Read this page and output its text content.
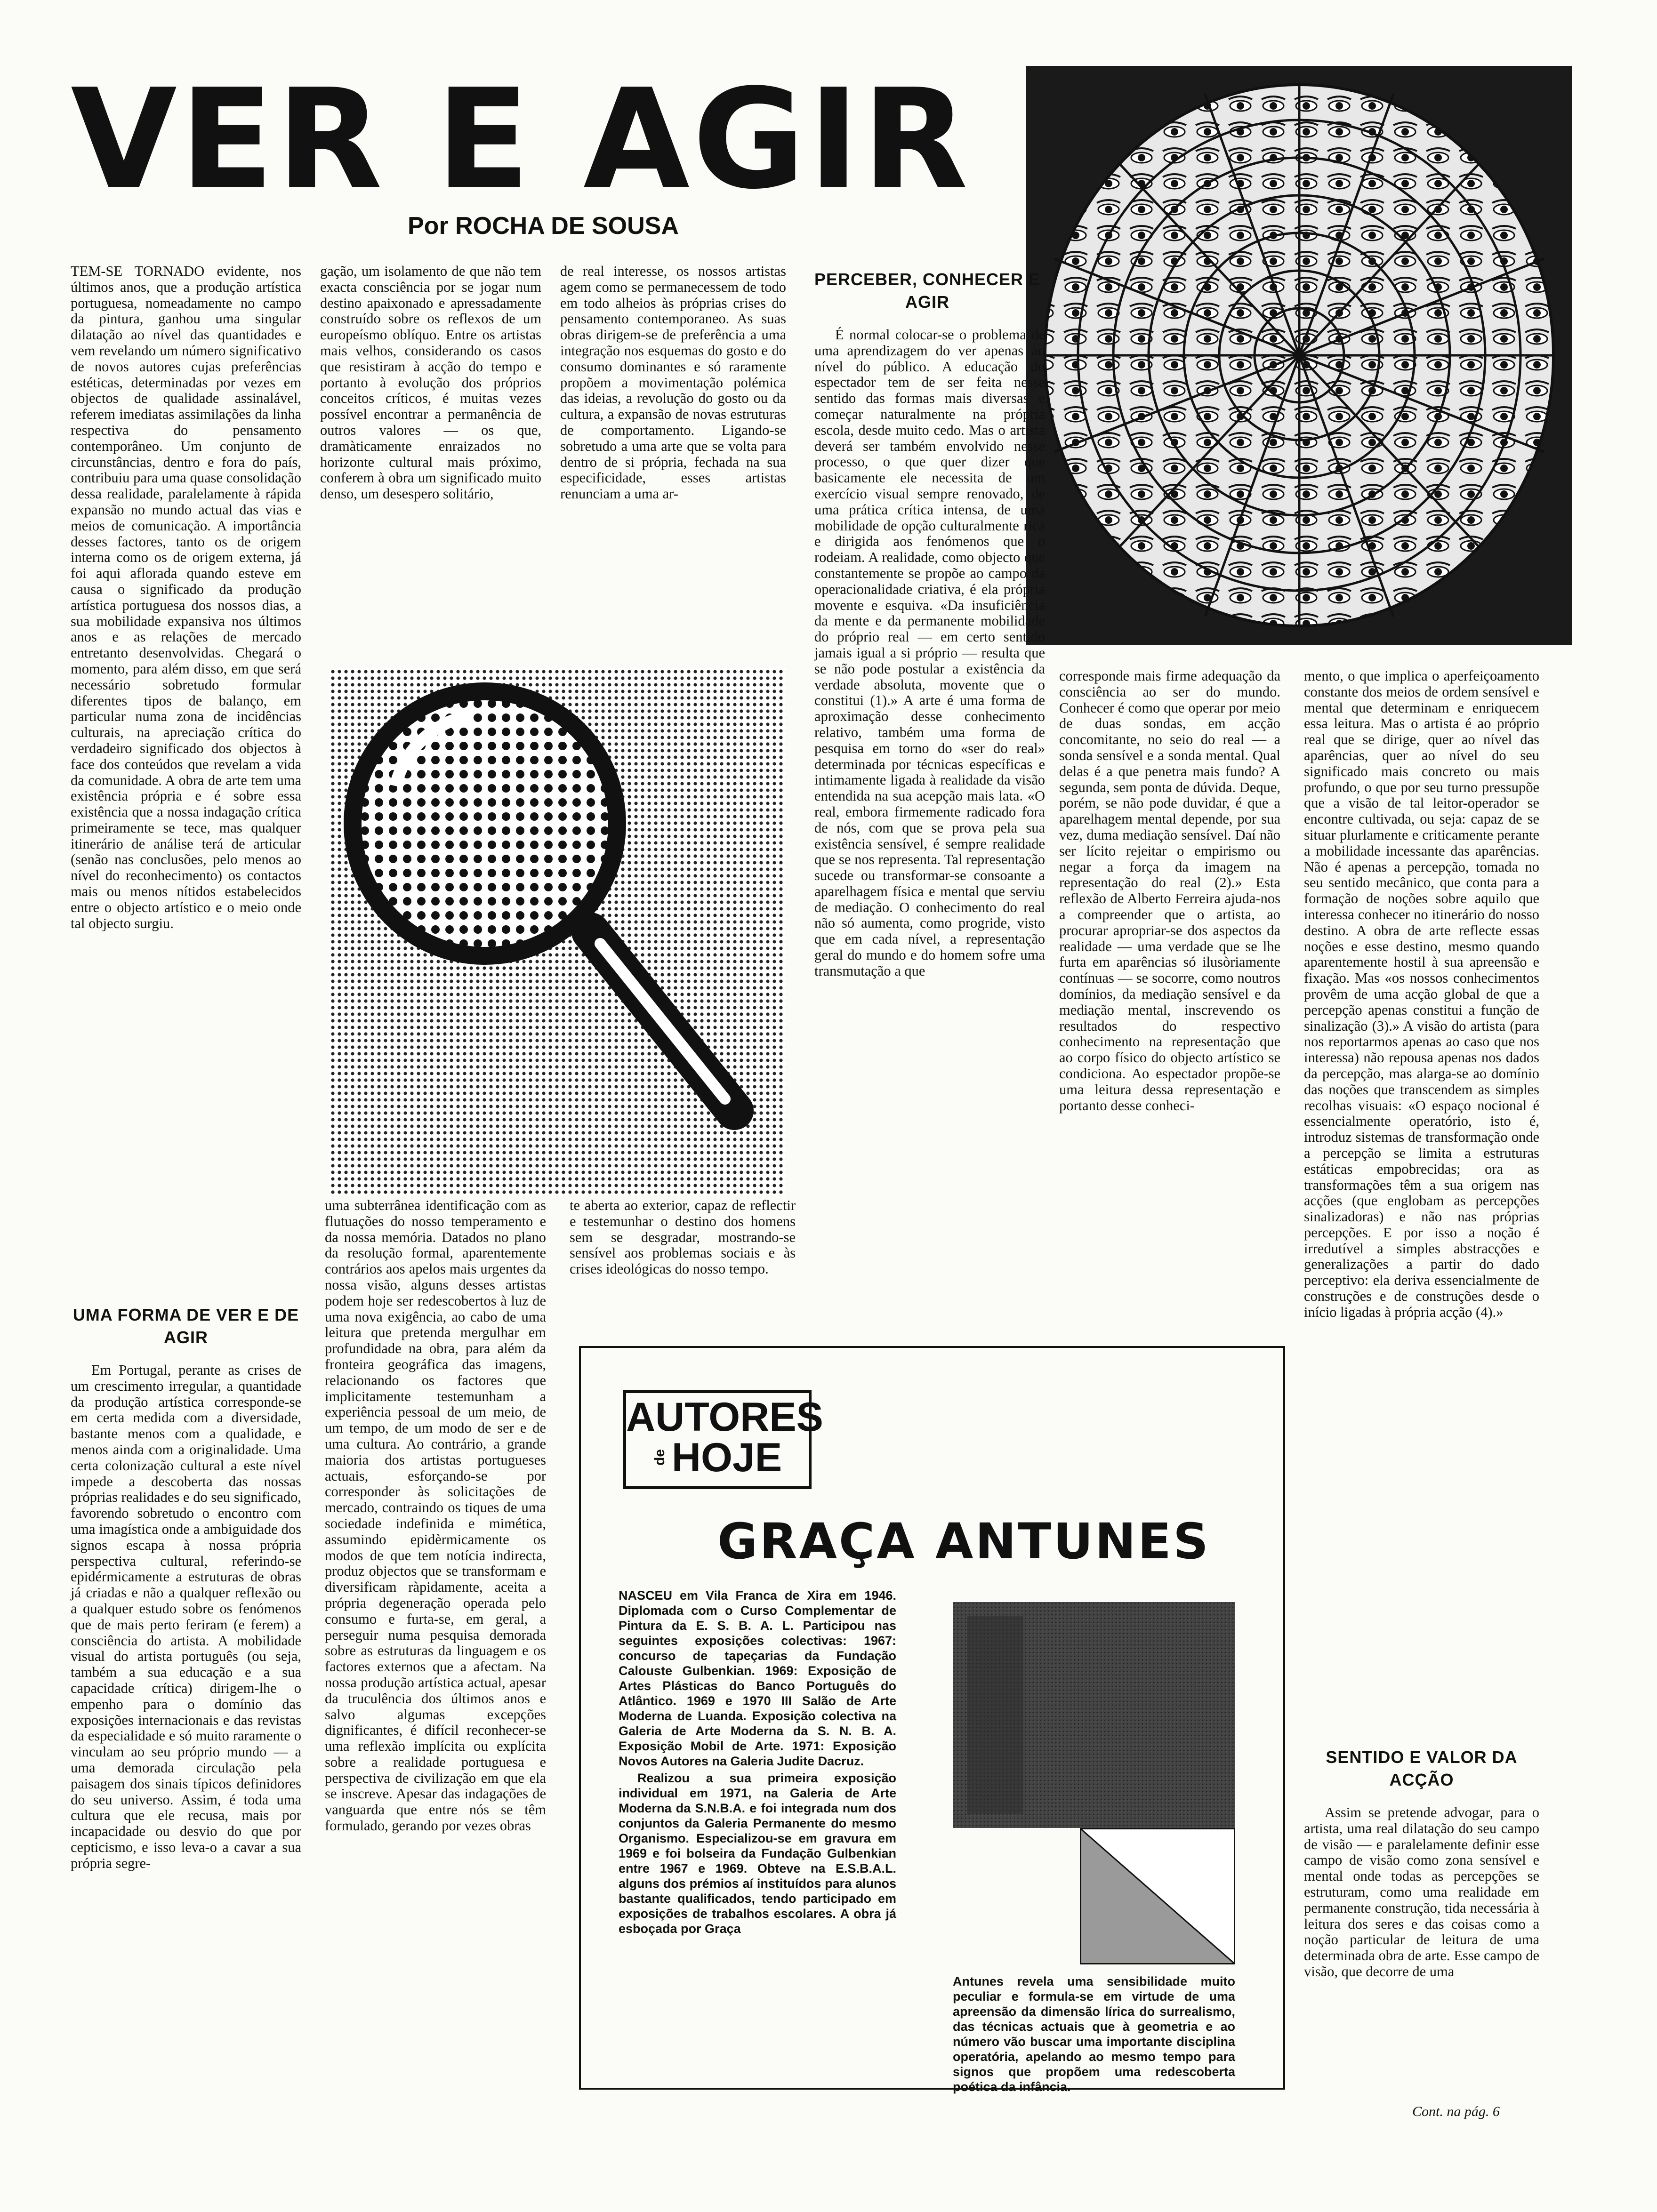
VER E AGIR
Por ROCHA DE SOUSA

TEM-SE TORNADO evidente, nos últimos anos, que a produção artística portuguesa, nomeadamente no campo da pintura, ganhou uma singular dilatação ao nível das quantidades e vem revelando um número significativo de novos autores cujas preferências estéticas, determinadas por vezes em objectos de qualidade assinalável, referem imediatas assimilações da linha respectiva do pensamento contemporâneo. Um conjunto de circunstâncias, dentro e fora do país, contribuiu para uma quase consolidação dessa realidade, paralelamente à rápida expansão no mundo actual das vias e meios de comunicação. A importância desses factores, tanto os de origem interna como os de origem externa, já foi aqui aflorada quando esteve em causa o significado da produção artística portuguesa dos nossos dias, a sua mobilidade expansiva nos últimos anos e as relações de mercado entretanto desenvolvidas. Chegará o momento, para além disso, em que será necessário sobretudo formular diferentes tipos de balanço, em particular numa zona de incidências culturais, na apreciação crítica do verdadeiro significado dos objectos à face dos conteúdos que revelam a vida da comunidade. A obra de arte tem uma existência própria e é sobre essa existência que a nossa indagação crítica primeiramente se tece, mas qualquer itinerário de análise terá de articular (senão nas conclusões, pelo menos ao nível do reconhecimento) os contactos mais ou menos nítidos estabelecidos entre o objecto artístico e o meio onde tal objecto surgiu.

UMA FORMA DE VER E DE AGIR

Em Portugal, perante as crises de um crescimento irregular, a quantidade da produção artística corresponde-se em certa medida com a diversidade, bastante menos com a qualidade, e menos ainda com a originalidade. Uma certa colonização cultural a este nível impede a descoberta das nossas próprias realidades e do seu significado, favorendo sobretudo o encontro com uma imagística onde a ambiguidade dos signos escapa à nossa própria perspectiva cultural, referindo-se epidérmicamente a estruturas de obras já criadas e não a qualquer reflexão ou a qualquer estudo sobre os fenómenos que de mais perto feriram (e ferem) a consciência do artista. A mobilidade visual do artista português (ou seja, também a sua educação e a sua capacidade crítica) dirigem-lhe o empenho para o domínio das exposições internacionais e das revistas da especialidade e só muito raramente o vinculam ao seu próprio mundo — a uma demorada circulação pela paisagem dos sinais típicos definidores do seu universo. Assim, é toda uma cultura que ele recusa, mais por incapacidade ou desvio do que por cepticismo, e isso leva-o a cavar a sua própria segre-

gação, um isolamento de que não tem exacta consciência por se jogar num destino apaixonado e apressadamente construído sobre os reflexos de um europeísmo oblíquo. Entre os artistas mais velhos, considerando os casos que resistiram à acção do tempo e portanto à evolução dos próprios conceitos críticos, é muitas vezes possível encontrar a permanência de outros valores — os que, dramàticamente enraizados no horizonte cultural mais próximo, conferem à obra um significado muito denso, um desespero solitário,

uma subterrânea identificação com as flutuações do nosso temperamento e da nossa memória. Datados no plano da resolução formal, aparentemente contrários aos apelos mais urgentes da nossa visão, alguns desses artistas podem hoje ser redescobertos à luz de uma nova exigência, ao cabo de uma leitura que pretenda mergulhar em profundidade na obra, para além da fronteira geográfica das imagens, relacionando os factores que implicitamente testemunham a experiência pessoal de um meio, de um tempo, de um modo de ser e de uma cultura. Ao contrário, a grande maioria dos artistas portugueses actuais, esforçando-se por corresponder às solicitações de mercado, contraindo os tiques de uma sociedade indefinida e mimética, assumindo epidèrmicamente os modos de que tem notícia indirecta, produz objectos que se transformam e diversificam ràpidamente, aceita a própria degeneração operada pelo consumo e furta-se, em geral, a perseguir numa pesquisa demorada sobre as estruturas da linguagem e os factores externos que a afectam. Na nossa produção artística actual, apesar da truculência dos últimos anos e salvo algumas excepções dignificantes, é difícil reconhecer-se uma reflexão implícita ou explícita sobre a realidade portuguesa e perspectiva de civilização em que ela se inscreve. Apesar das indagações de vanguarda que entre nós se têm formulado, gerando por vezes obras

de real interesse, os nossos artistas agem como se permanecessem de todo em todo alheios às próprias crises do pensamento contemporaneo. As suas obras dirigem-se de preferência a uma integração nos esquemas do gosto e do consumo dominantes e só raramente propõem a movimentação polémica das ideias, a revolução do gosto ou da cultura, a expansão de novas estruturas de comportamento. Ligando-se sobretudo a uma arte que se volta para dentro de si própria, fechada na sua especificidade, esses artistas renunciam a uma ar-

te aberta ao exterior, capaz de reflectir e testemunhar o destino dos homens sem se desgradar, mostrando-se sensível aos problemas sociais e às crises ideológicas do nosso tempo.

PERCEBER, CONHECER E AGIR

É normal colocar-se o problema de uma aprendizagem do ver apenas ao nível do público. A educação do espectador tem de ser feita nesse sentido das formas mais diversas e começar naturalmente na própria escola, desde muito cedo. Mas o artista deverá ser também envolvido nesse processo, o que quer dizer que basicamente ele necessita de um exercício visual sempre renovado, de uma prática crítica intensa, de uma mobilidade de opção culturalmente rica e dirigida aos fenómenos que o rodeiam. A realidade, como objecto que constantemente se propõe ao campo da operacionalidade criativa, é ela própria movente e esquiva. «Da insuficiência da mente e da permanente mobilidade do próprio real — em certo sentido jamais igual a si próprio — resulta que se não pode postular a existência da verdade absoluta, movente que o constitui (1).» A arte é uma forma de aproximação desse conhecimento relativo, também uma forma de pesquisa em torno do «ser do real» determinada por técnicas específicas e intimamente ligada à realidade da visão entendida na sua acepção mais lata. «O real, embora firmemente radicado fora de nós, com que se prova pela sua existência sensível, é sempre realidade que se nos representa. Tal representação sucede ou transformar-se consoante a aparelhagem física e mental que serviu de mediação. O conhecimento do real não só aumenta, como progride, visto que em cada nível, a representação geral do mundo e do homem sofre uma transmutação a que

corresponde mais firme adequação da consciência ao ser do mundo. Conhecer é como que operar por meio de duas sondas, em acção concomitante, no seio do real — a sonda sensível e a sonda mental. Qual delas é a que penetra mais fundo? A segunda, sem ponta de dúvida. Deque, porém, se não pode duvidar, é que a aparelhagem mental depende, por sua vez, duma mediação sensível. Daí não ser lícito rejeitar o empirismo ou negar a força da imagem na representação do real (2).» Esta reflexão de Alberto Ferreira ajuda-nos a compreender que o artista, ao procurar apropriar-se dos aspectos da realidade — uma verdade que se lhe furta em aparências só ilusòriamente contínuas — se socorre, como noutros domínios, da mediação sensível e da mediação mental, inscrevendo os resultados do respectivo conhecimento na representação que ao corpo físico do objecto artístico se condiciona. Ao espectador propõe-se uma leitura dessa representação e portanto desse conheci-

mento, o que implica o aperfeiçoamento constante dos meios de ordem sensível e mental que determinam e enriquecem essa leitura. Mas o artista é ao próprio real que se dirige, quer ao nível das aparências, quer ao nível do seu significado mais concreto ou mais profundo, o que por seu turno pressupõe que a visão de tal leitor-operador se encontre cultivada, ou seja: capaz de se situar plurlamente e criticamente perante a mobilidade incessante das aparências. Não é apenas a percepção, tomada no seu sentido mecânico, que conta para a formação de noções sobre aquilo que interessa conhecer no itinerário do nosso destino. A obra de arte reflecte essas noções e esse destino, mesmo quando aparentemente hostil à sua apreensão e fixação. Mas «os nossos conhecimentos provêm de uma acção global de que a percepção apenas constitui a função de sinalização (3).» A visão do artista (para nos reportarmos apenas ao caso que nos interessa) não repousa apenas nos dados da percepção, mas alarga-se ao domínio das noções que transcendem as simples recolhas visuais: «O espaço nocional é essencialmente operatório, isto é, introduz sistemas de transformação onde a percepção se limita a estruturas estáticas empobrecidas; ora as transformações têm a sua origem nas acções (que englobam as percepções sinalizadoras) e não nas próprias percepções. E por isso a noção é irredutível a simples abstracções e generalizações a partir do dado perceptivo: ela deriva essencialmente de construções e de construções desde o início ligadas à própria acção (4).»

SENTIDO E VALOR DA ACÇÃO

Assim se pretende advogar, para o artista, uma real dilatação do seu campo de visão — e paralelamente definir esse campo de visão como zona sensível e mental onde todas as percepções se estruturam, como uma realidade em permanente construção, tida necessária à leitura dos seres e das coisas como a noção particular de leitura de uma determinada obra de arte. Esse campo de visão, que decorre de uma

AUTORES
de HOJE
GRAÇA ANTUNES

NASCEU em Vila Franca de Xira em 1946. Diplomada com o Curso Complementar de Pintura da E. S. B. A. L. Participou nas seguintes exposições colectivas: 1967: concurso de tapeçarias da Fundação Calouste Gulbenkian. 1969: Exposição de Artes Plásticas do Banco Português do Atlântico. 1969 e 1970 III Salão de Arte Moderna de Luanda. Exposição colectiva na Galeria de Arte Moderna da S. N. B. A. Exposição Mobil de Arte. 1971: Exposição Novos Autores na Galeria Judite Dacruz.

Realizou a sua primeira exposição individual em 1971, na Galeria de Arte Moderna da S.N.B.A. e foi integrada num dos conjuntos da Galeria Permanente do mesmo Organismo. Especializou-se em gravura em 1969 e foi bolseira da Fundação Gulbenkian entre 1967 e 1969. Obteve na E.S.B.A.L. alguns dos prémios aí instituídos para alunos bastante qualificados, tendo participado em exposições de trabalhos escolares. A obra já esboçada por Graça

Antunes revela uma sensibilidade muito peculiar e formula-se em virtude de uma apreensão da dimensão lírica do surrealismo, das técnicas actuais que à geometria e ao número vão buscar uma importante disciplina operatória, apelando ao mesmo tempo para signos que propõem uma redescoberta poética da infância.

Cont. na pág. 6
